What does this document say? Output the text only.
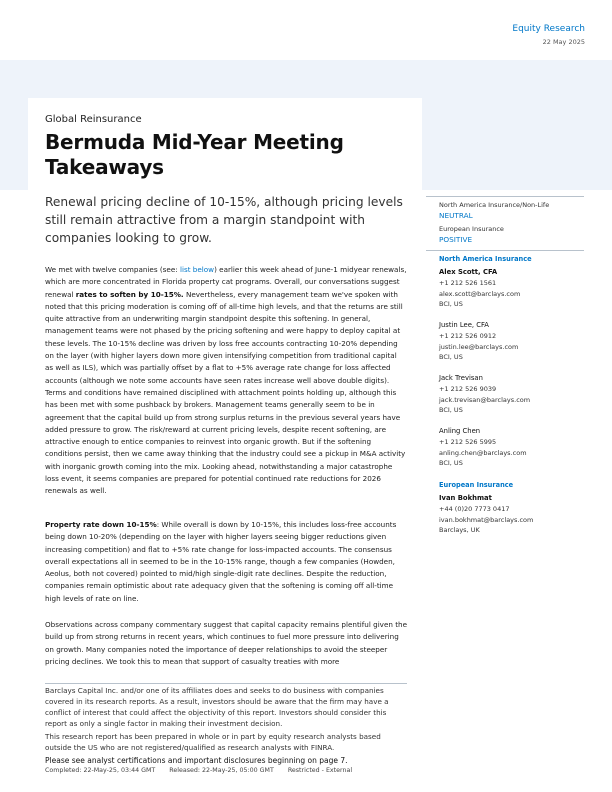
Equity Research
22 May 2025
Global Reinsurance
Bermuda Mid-Year Meeting Takeaways
Renewal pricing decline of 10-15%, although pricing levels still remain attractive from a margin standpoint with companies looking to grow.
We met with twelve companies (see: list below) earlier this week ahead of June-1 midyear renewals, which are more concentrated in Florida property cat programs. Overall, our conversations suggest renewal rates to soften by 10-15%. Nevertheless, every management team we've spoken with noted that this pricing moderation is coming off of all-time high levels, and that the returns are still quite attractive from an underwriting margin standpoint despite this softening. In general, management teams were not phased by the pricing softening and were happy to deploy capital at these levels. The 10-15% decline was driven by loss free accounts contracting 10-20% depending on the layer (with higher layers down more given intensifying competition from traditional capital as well as ILS), which was partially offset by a flat to +5% average rate change for loss affected accounts (although we note some accounts have seen rates increase well above double digits). Terms and conditions have remained disciplined with attachment points holding up, although this has been met with some pushback by brokers. Management teams generally seem to be in agreement that the capital build up from strong surplus returns in the previous several years have added pressure to grow. The risk/reward at current pricing levels, despite recent softening, are attractive enough to entice companies to reinvest into organic growth. But if the softening conditions persist, then we came away thinking that the industry could see a pickup in M&A activity with inorganic growth coming into the mix. Looking ahead, notwithstanding a major catastrophe loss event, it seems companies are prepared for potential continued rate reductions for 2026 renewals as well.
Property rate down 10-15%: While overall is down by 10-15%, this includes loss-free accounts being down 10-20% (depending on the layer with higher layers seeing bigger reductions given increasing competition) and flat to +5% rate change for loss-impacted accounts. The consensus overall expectations all in seemed to be in the 10-15% range, though a few companies (Howden, Aeolus, both not covered) pointed to mid/high single-digit rate declines. Despite the reduction, companies remain optimistic about rate adequacy given that the softening is coming off all-time high levels of rate on line.
Observations across company commentary suggest that capital capacity remains plentiful given the build up from strong returns in recent years, which continues to fuel more pressure into delivering on growth. Many companies noted the importance of deeper relationships to avoid the steeper pricing declines. We took this to mean that support of casualty treaties with more
North America Insurance/Non-Life
NEUTRAL
European Insurance
POSITIVE
North America Insurance
Alex Scott, CFA
+1 212 526 1561
alex.scott@barclays.com
BCI, US
Justin Lee, CFA
+1 212 526 0912
justin.lee@barclays.com
BCI, US
Jack Trevisan
+1 212 526 9039
jack.trevisan@barclays.com
BCI, US
Anling Chen
+1 212 526 5995
anling.chen@barclays.com
BCI, US
European Insurance
Ivan Bokhmat
+44 (0)20 7773 0417
ivan.bokhmat@barclays.com
Barclays, UK
Barclays Capital Inc. and/or one of its affiliates does and seeks to do business with companies covered in its research reports. As a result, investors should be aware that the firm may have a conflict of interest that could affect the objectivity of this report. Investors should consider this report as only a single factor in making their investment decision.
This research report has been prepared in whole or in part by equity research analysts based outside the US who are not registered/qualified as research analysts with FINRA.
Please see analyst certifications and important disclosures beginning on page 7.
Completed: 22-May-25, 03:44 GMT Released: 22-May-25, 05:00 GMT Restricted - External
